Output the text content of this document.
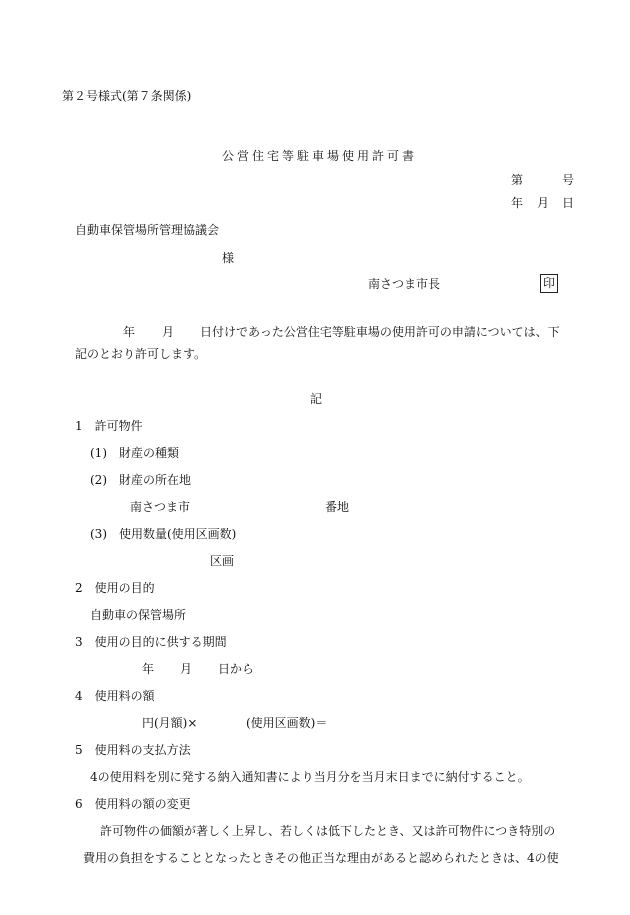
第２号様式(第７条関係)
公営住宅等駐車場使用許可書
第	号
年 月 日
自動車保管場所管理協議会
様
南さつま市長	印
年 月 日付けであった公営住宅等駐車場の使用許可の申請については、下
記のとおり許可します。
記
1　許可物件
(1)　財産の種類
(2)　財産の所在地
南さつま市	番地
(3)　使用数量(使用区画数)
区画
2　使用の目的
自動車の保管場所
3　使用の目的に供する期間
年 月 日から
4　使用料の額
円(月額)×	(使用区画数)＝
5　使用料の支払方法
4の使用料を別に発する納入通知書により当月分を当月末日までに納付すること。
6　使用料の額の変更
許可物件の価額が著しく上昇し、若しくは低下したとき、又は許可物件につき特別の
費用の負担をすることとなったときその他正当な理由があると認められたときは、4の使
